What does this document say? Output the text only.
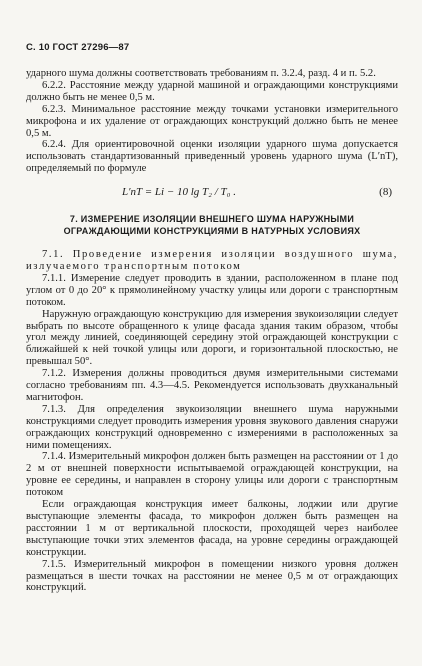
С. 10 ГОСТ 27296—87

ударного шума должны соответствовать требованиям п. 3.2.4, разд. 4 и п. 5.2.

6.2.2. Расстояние между ударной машиной и ограждающими конструкциями должно быть не менее 0,5 м.

6.2.3. Минимальное расстояние между точками установки измерительного микрофона и их удаление от ограждающих конструкций должно быть не менее 0,5 м.

6.2.4. Для ориентировочной оценки изоляции ударного шума допускается использовать стандартизованный приведенный уровень ударного шума (L′nT), определяемый по формуле

L′nT = Li − 10 lg T₂ / T₀ .	(8)
7. ИЗМЕРЕНИЕ ИЗОЛЯЦИИ ВНЕШНЕГО ШУМА НАРУЖНЫМИ ОГРАЖДАЮЩИМИ КОНСТРУКЦИЯМИ В НАТУРНЫХ УСЛОВИЯХ

7.1. Проведение измерения изоляции воздушного шума, излучаемого транспортным потоком

7.1.1. Измерение следует проводить в здании, расположенном в плане под углом от 0 до 20° к прямолинейному участку улицы или дороги с транспортным потоком.

Наружную ограждающую конструкцию для измерения звукоизоляции следует выбрать по высоте обращенного к улице фасада здания таким образом, чтобы угол между линией, соединяющей середину этой ограждающей конструкции с ближайшей к ней точкой улицы или дороги, и горизонтальной плоскостью, не превышал 50°.

7.1.2. Измерения должны проводиться двумя измерительными системами согласно требованиям пп. 4.3—4.5. Рекомендуется использовать двухканальный магнитофон.

7.1.3. Для определения звукоизоляции внешнего шума наружными конструкциями следует проводить измерения уровня звукового давления снаружи ограждающих конструкций одновременно с измерениями в расположенных за ними помещениях.

7.1.4. Измерительный микрофон должен быть размещен на расстоянии от 1 до 2 м от внешней поверхности испытываемой ограждающей конструкции, на уровне ее середины, и направлен в сторону улицы или дороги с транспортным потоком

Если ограждающая конструкция имеет балконы, лоджии или другие выступающие элементы фасада, то микрофон должен быть размещен на расстоянии 1 м от вертикальной плоскости, проходящей через наиболее выступающие точки этих элементов фасада, на уровне середины ограждающей конструкции.

7.1.5. Измерительный микрофон в помещении низкого уровня должен размещаться в шести точках на расстоянии не менее 0,5 м от ограждающих конструкций.
